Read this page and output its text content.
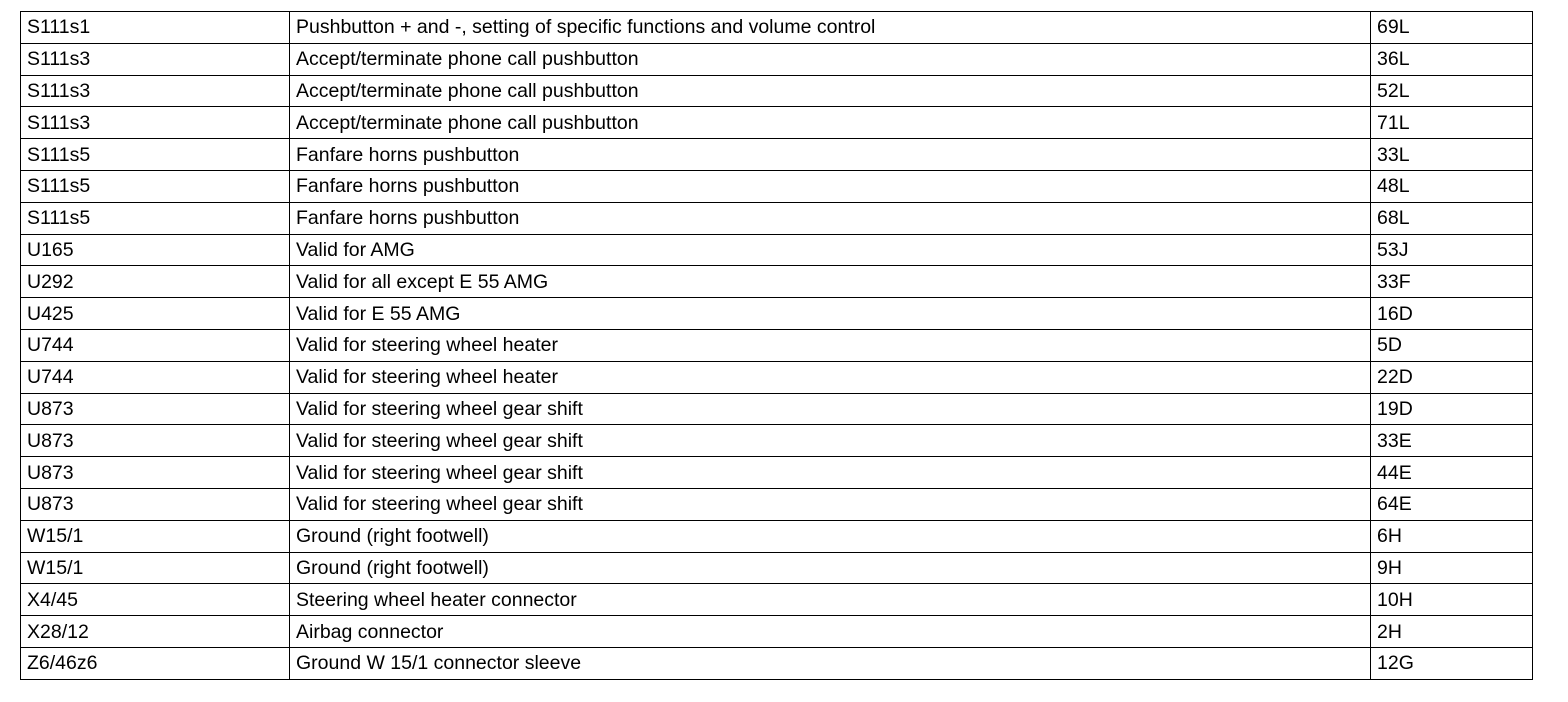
S111s1	Pushbutton + and -, setting of specific functions and volume control	69L
S111s3	Accept/terminate phone call pushbutton	36L
S111s3	Accept/terminate phone call pushbutton	52L
S111s3	Accept/terminate phone call pushbutton	71L
S111s5	Fanfare horns pushbutton	33L
S111s5	Fanfare horns pushbutton	48L
S111s5	Fanfare horns pushbutton	68L
U165	Valid for AMG	53J
U292	Valid for all except E 55 AMG	33F
U425	Valid for E 55 AMG	16D
U744	Valid for steering wheel heater	5D
U744	Valid for steering wheel heater	22D
U873	Valid for steering wheel gear shift	19D
U873	Valid for steering wheel gear shift	33E
U873	Valid for steering wheel gear shift	44E
U873	Valid for steering wheel gear shift	64E
W15/1	Ground (right footwell)	6H
W15/1	Ground (right footwell)	9H
X4/45	Steering wheel heater connector	10H
X28/12	Airbag connector	2H
Z6/46z6	Ground W 15/1 connector sleeve	12G
